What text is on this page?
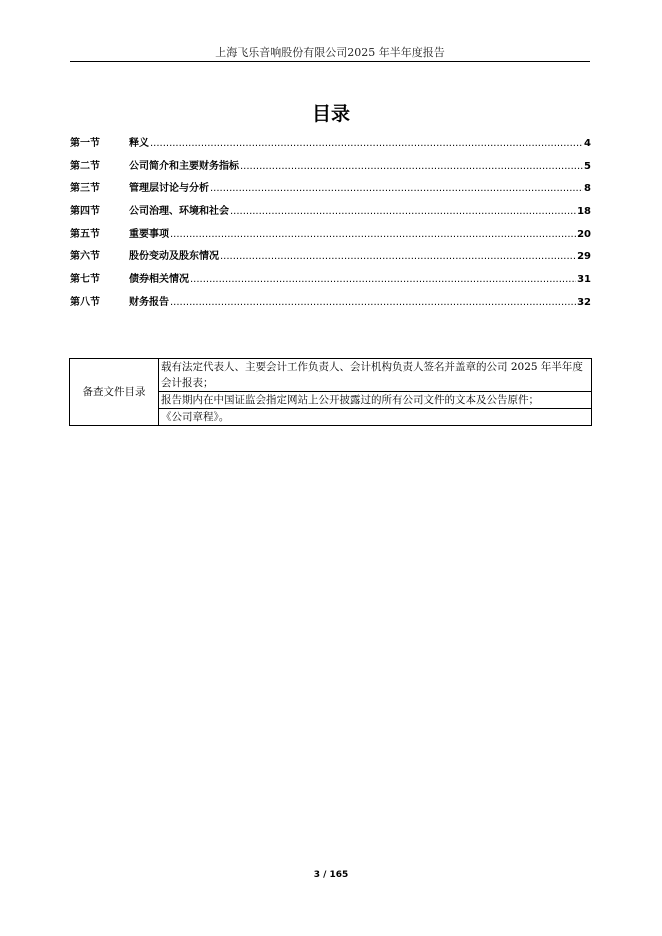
上海飞乐音响股份有限公司2025 年半年度报告
目录
第一节	释义 .....	4
第二节	公司简介和主要财务指标 .....	5
第三节	管理层讨论与分析 .....	8
第四节	公司治理、环境和社会 .....	18
第五节	重要事项 .....	20
第六节	股份变动及股东情况 .....	29
第七节	债券相关情况 .....	31
第八节	财务报告 .....	32
备查文件目录	载有法定代表人、主要会计工作负责人、会计机构负责人签名并盖章的公司 2025 年半年度会计报表；
报告期内在中国证监会指定网站上公开披露过的所有公司文件的文本及公告原件；
《公司章程》。
3 / 165
